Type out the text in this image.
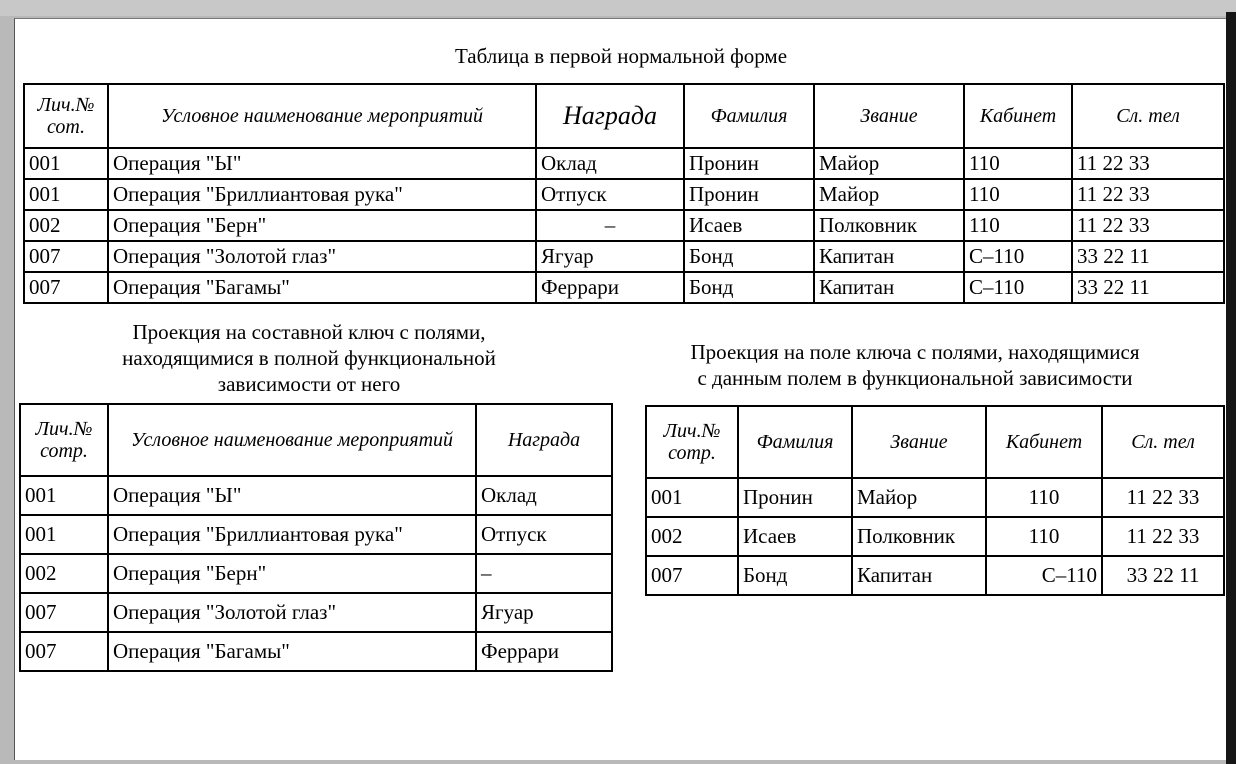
Таблица в первой нормальной форме
Лич.№ сот.	Условное наименование мероприятий	Награда	Фамилия	Звание	Кабинет	Сл. тел
001	Операция "Ы"	Оклад	Пронин	Майор	110	11 22 33
001	Операция "Бриллиантовая рука"	Отпуск	Пронин	Майор	110	11 22 33
002	Операция "Берн"	–	Исаев	Полковник	110	11 22 33
007	Операция "Золотой глаз"	Ягуар	Бонд	Капитан	С–110	33 22 11
007	Операция "Багамы"	Феррари	Бонд	Капитан	С–110	33 22 11
Проекция на составной ключ с полями,
находящимися в полной функциональной
зависимости от него
Лич.№ сотр.	Условное наименование мероприятий	Награда
001	Операция "Ы"	Оклад
001	Операция "Бриллиантовая рука"	Отпуск
002	Операция "Берн"	–
007	Операция "Золотой глаз"	Ягуар
007	Операция "Багамы"	Феррари
Проекция на поле ключа с полями, находящимися
с данным полем в функциональной зависимости
Лич.№ сотр.	Фамилия	Звание	Кабинет	Сл. тел
001	Пронин	Майор	110	11 22 33
002	Исаев	Полковник	110	11 22 33
007	Бонд	Капитан	С–110	33 22 11
